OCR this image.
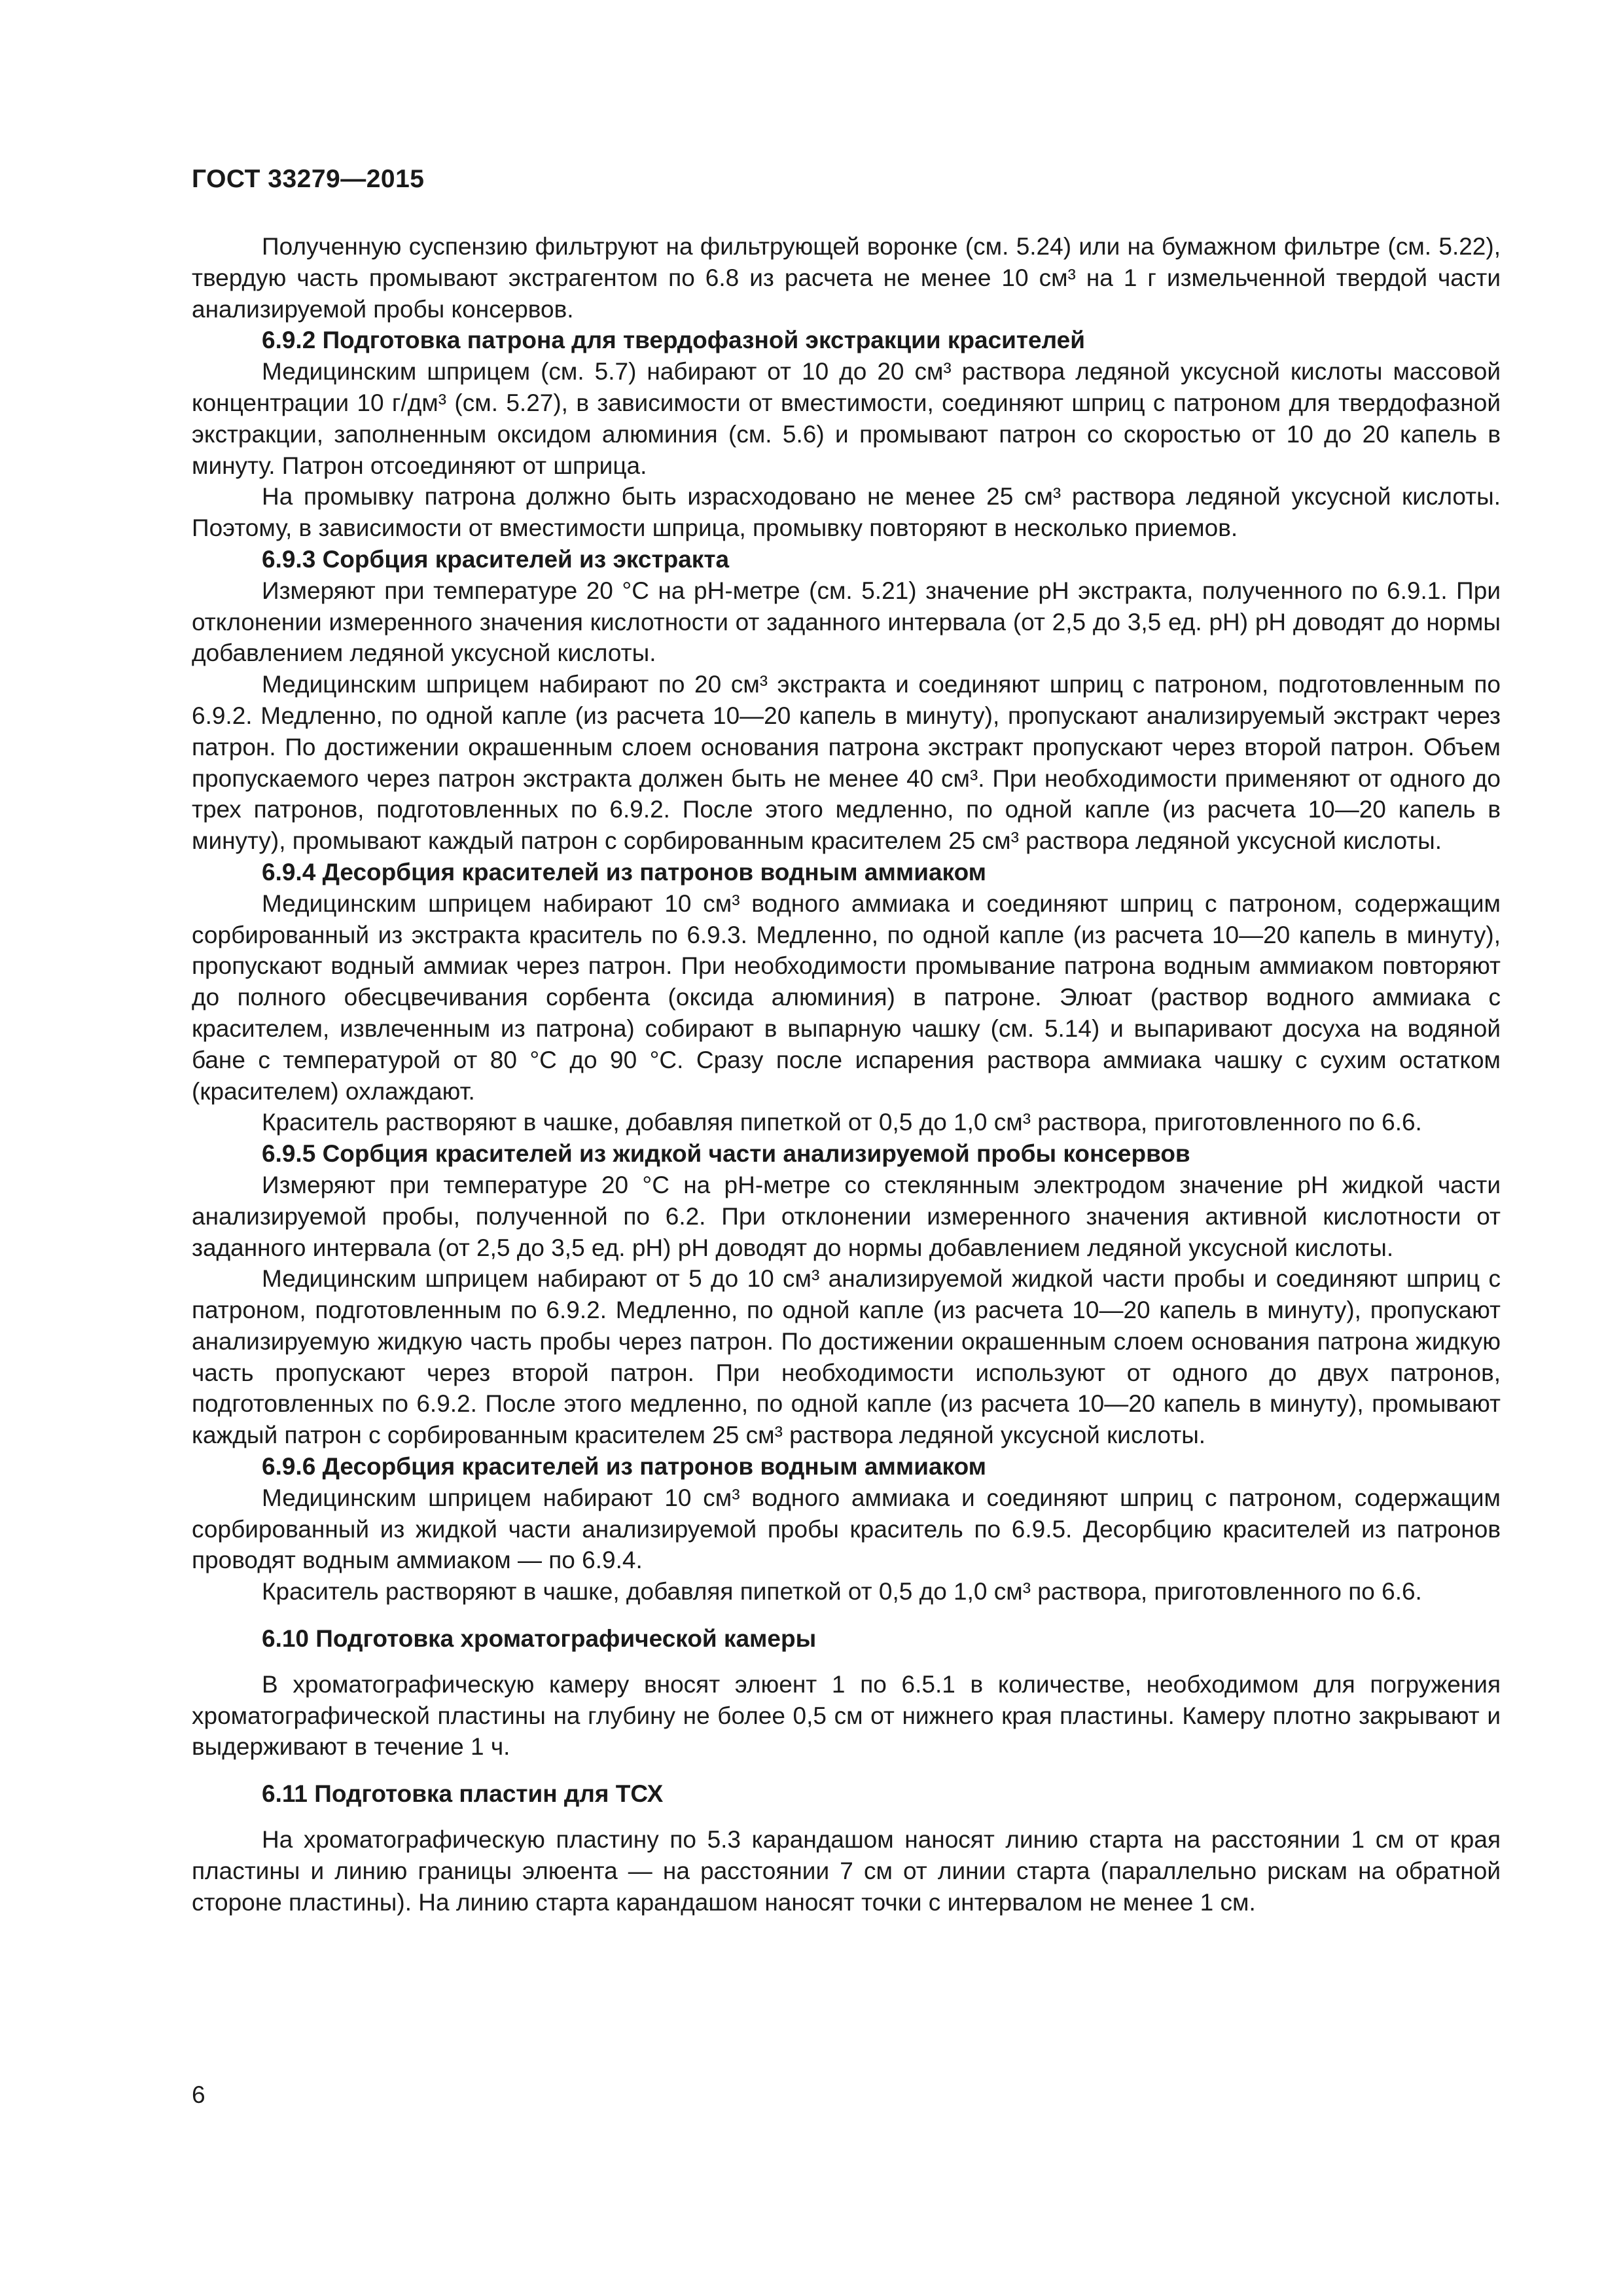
ГОСТ 33279—2015

Полученную суспензию фильтруют на фильтрующей воронке (см. 5.24) или на бумажном фильтре (см. 5.22), твердую часть промывают экстрагентом по 6.8 из расчета не менее 10 см³ на 1 г измельченной твердой части анализируемой пробы консервов.

6.9.2 Подготовка патрона для твердофазной экстракции красителей

Медицинским шприцем (см. 5.7) набирают от 10 до 20 см³ раствора ледяной уксусной кислоты массовой концентрации 10 г/дм³ (см. 5.27), в зависимости от вместимости, соединяют шприц с патроном для твердофазной экстракции, заполненным оксидом алюминия (см. 5.6) и промывают патрон со скоростью от 10 до 20 капель в минуту. Патрон отсоединяют от шприца.

На промывку патрона должно быть израсходовано не менее 25 см³ раствора ледяной уксусной кислоты. Поэтому, в зависимости от вместимости шприца, промывку повторяют в несколько приемов.

6.9.3 Сорбция красителей из экстракта

Измеряют при температуре 20 °С на pH-метре (см. 5.21) значение pH экстракта, полученного по 6.9.1. При отклонении измеренного значения кислотности от заданного интервала (от 2,5 до 3,5 ед. pH) pH доводят до нормы добавлением ледяной уксусной кислоты.

Медицинским шприцем набирают по 20 см³ экстракта и соединяют шприц с патроном, подготовленным по 6.9.2. Медленно, по одной капле (из расчета 10—20 капель в минуту), пропускают анализируемый экстракт через патрон. По достижении окрашенным слоем основания патрона экстракт пропускают через второй патрон. Объем пропускаемого через патрон экстракта должен быть не менее 40 см³. При необходимости применяют от одного до трех патронов, подготовленных по 6.9.2. После этого медленно, по одной капле (из расчета 10—20 капель в минуту), промывают каждый патрон с сорбированным красителем 25 см³ раствора ледяной уксусной кислоты.

6.9.4 Десорбция красителей из патронов водным аммиаком

Медицинским шприцем набирают 10 см³ водного аммиака и соединяют шприц с патроном, содержащим сорбированный из экстракта краситель по 6.9.3. Медленно, по одной капле (из расчета 10—20 капель в минуту), пропускают водный аммиак через патрон. При необходимости промывание патрона водным аммиаком повторяют до полного обесцвечивания сорбента (оксида алюминия) в патроне. Элюат (раствор водного аммиака с красителем, извлеченным из патрона) собирают в выпарную чашку (см. 5.14) и выпаривают досуха на водяной бане с температурой от 80 °С до 90 °С. Сразу после испарения раствора аммиака чашку с сухим остатком (красителем) охлаждают.

Краситель растворяют в чашке, добавляя пипеткой от 0,5 до 1,0 см³ раствора, приготовленного по 6.6.

6.9.5 Сорбция красителей из жидкой части анализируемой пробы консервов

Измеряют при температуре 20 °С на pH-метре со стеклянным электродом значение pH жидкой части анализируемой пробы, полученной по 6.2. При отклонении измеренного значения активной кислотности от заданного интервала (от 2,5 до 3,5 ед. pH) pH доводят до нормы добавлением ледяной уксусной кислоты.

Медицинским шприцем набирают от 5 до 10 см³ анализируемой жидкой части пробы и соединяют шприц с патроном, подготовленным по 6.9.2. Медленно, по одной капле (из расчета 10—20 капель в минуту), пропускают анализируемую жидкую часть пробы через патрон. По достижении окрашенным слоем основания патрона жидкую часть пропускают через второй патрон. При необходимости используют от одного до двух патронов, подготовленных по 6.9.2. После этого медленно, по одной капле (из расчета 10—20 капель в минуту), промывают каждый патрон с сорбированным красителем 25 см³ раствора ледяной уксусной кислоты.

6.9.6 Десорбция красителей из патронов водным аммиаком

Медицинским шприцем набирают 10 см³ водного аммиака и соединяют шприц с патроном, содержащим сорбированный из жидкой части анализируемой пробы краситель по 6.9.5. Десорбцию красителей из патронов проводят водным аммиаком — по 6.9.4.

Краситель растворяют в чашке, добавляя пипеткой от 0,5 до 1,0 см³ раствора, приготовленного по 6.6.

6.10 Подготовка хроматографической камеры

В хроматографическую камеру вносят элюент 1 по 6.5.1 в количестве, необходимом для погружения хроматографической пластины на глубину не более 0,5 см от нижнего края пластины. Камеру плотно закрывают и выдерживают в течение 1 ч.

6.11 Подготовка пластин для ТСХ

На хроматографическую пластину по 5.3 карандашом наносят линию старта на расстоянии 1 см от края пластины и линию границы элюента — на расстоянии 7 см от линии старта (параллельно рискам на обратной стороне пластины). На линию старта карандашом наносят точки с интервалом не менее 1 см.

6
